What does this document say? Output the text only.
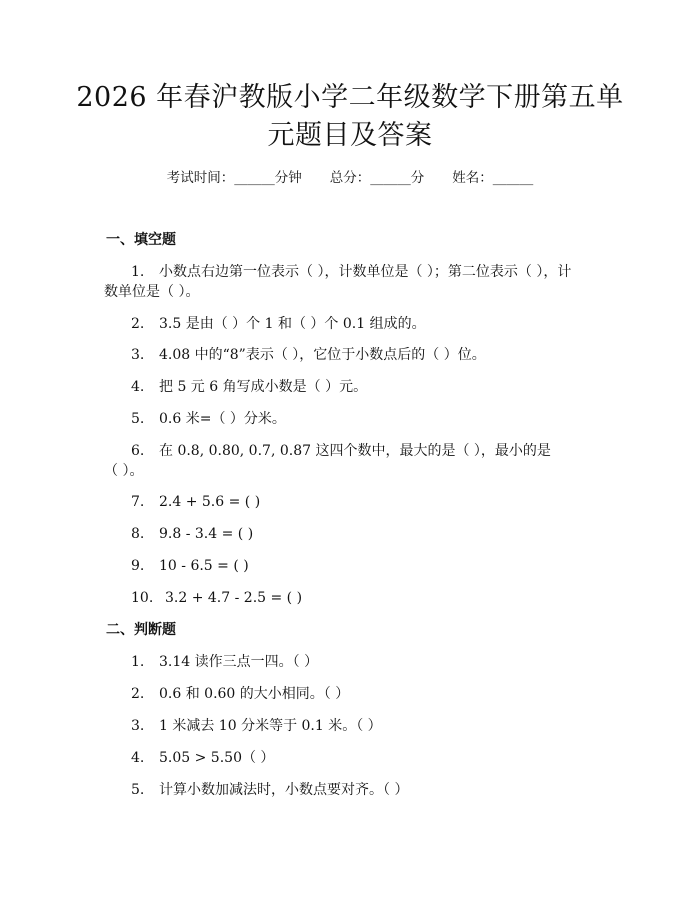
2026 年春沪教版小学二年级数学下册第五单
元题目及答案
考试时间：______分钟 总分：______分 姓名：______
一、填空题
1. 小数点右边第一位表示（ ），计数单位是（ ）；第二位表示（ ），计
数单位是（ ）。
2. 3.5 是由（ ）个 1 和（ ）个 0.1 组成的。
3. 4.08 中的“8”表示（ ），它位于小数点后的（ ）位。
4. 把 5 元 6 角写成小数是（ ）元。
5. 0.6 米=（ ）分米。
6. 在 0.8, 0.80, 0.7, 0.87 这四个数中，最大的是（ ），最小的是
（ ）。
7. 2.4 + 5.6 = ( )
8. 9.8 - 3.4 = ( )
9. 10 - 6.5 = ( )
10. 3.2 + 4.7 - 2.5 = ( )
二、判断题
1. 3.14 读作三点一四。（ ）
2. 0.6 和 0.60 的大小相同。（ ）
3. 1 米减去 10 分米等于 0.1 米。（ ）
4. 5.05 > 5.50（ ）
5. 计算小数加减法时，小数点要对齐。（ ）
